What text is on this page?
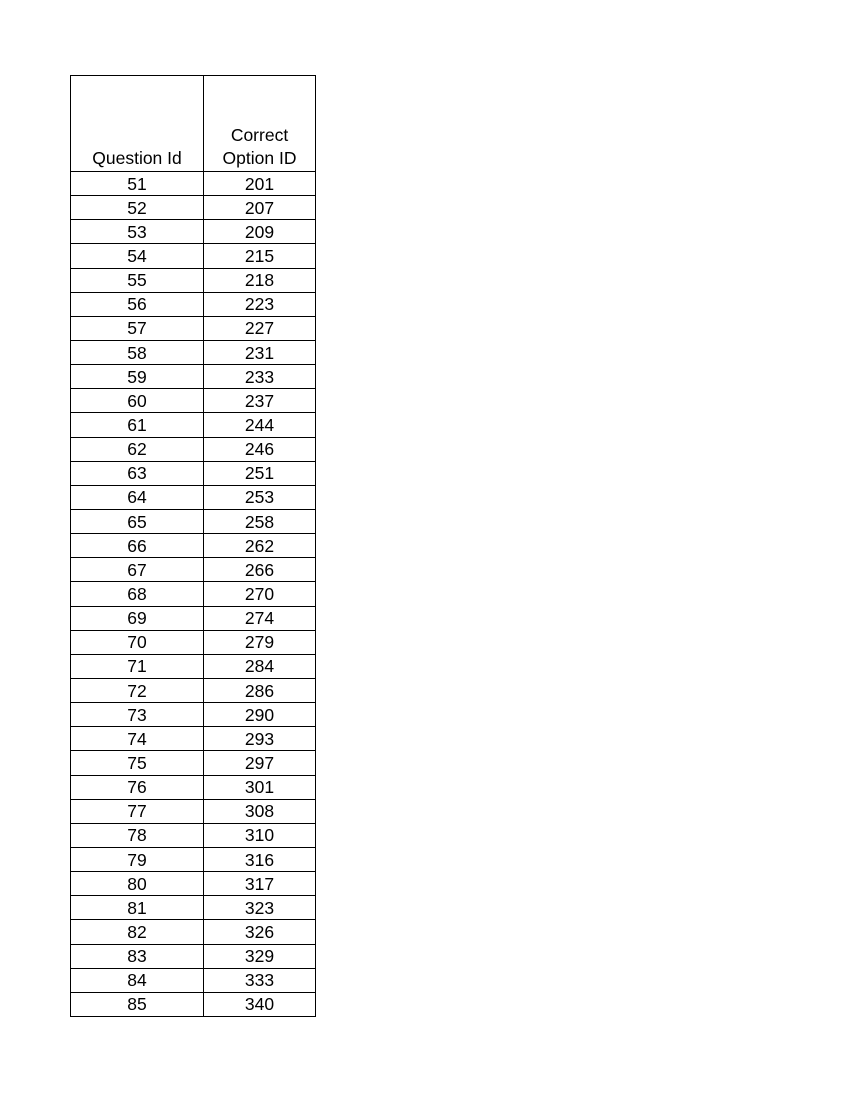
Question Id	Correct
Option ID

51	201
52	207
53	209
54	215
55	218
56	223
57	227
58	231
59	233
60	237
61	244
62	246
63	251
64	253
65	258
66	262
67	266
68	270
69	274
70	279
71	284
72	286
73	290
74	293
75	297
76	301
77	308
78	310
79	316
80	317
81	323
82	326
83	329
84	333
85	340
